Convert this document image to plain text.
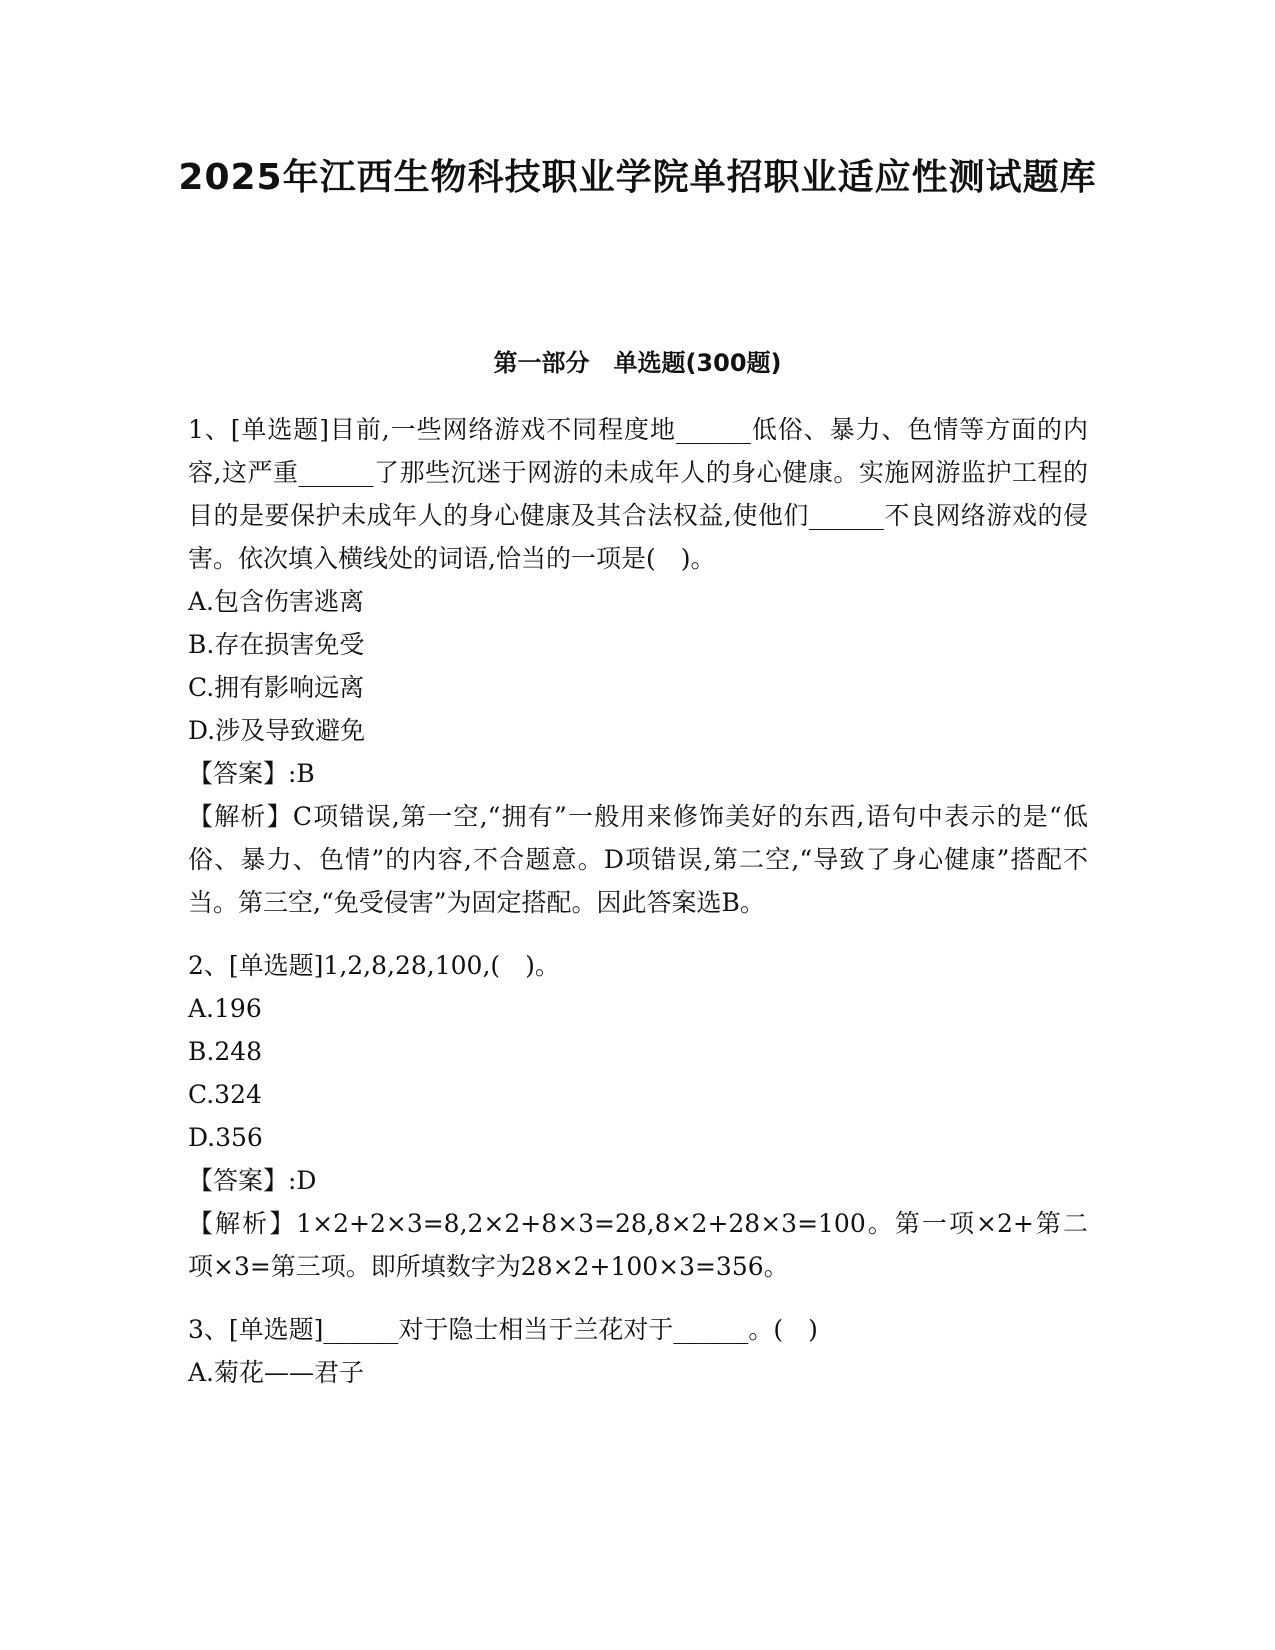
2025年江西生物科技职业学院单招职业适应性测试题库
第一部分　单选题(300题)

1、[单选题]目前,一些网络游戏不同程度地______低俗、暴力、色情等方面的内容,这严重______了那些沉迷于网游的未成年人的身心健康。实施网游监护工程的目的是要保护未成年人的身心健康及其合法权益,使他们______不良网络游戏的侵害。依次填入横线处的词语,恰当的一项是(　)。

A.包含伤害逃离

B.存在损害免受

C.拥有影响远离

D.涉及导致避免

【答案】:B

【解析】C项错误,第一空,“拥有”一般用来修饰美好的东西,语句中表示的是“低俗、暴力、色情”的内容,不合题意。D项错误,第二空,“导致了身心健康”搭配不当。第三空,“免受侵害”为固定搭配。因此答案选B。

2、[单选题]1,2,8,28,100,(　)。

A.196

B.248

C.324

D.356

【答案】:D

【解析】1×2+2×3=8,2×2+8×3=28,8×2+28×3=100。第一项×2+第二项×3=第三项。即所填数字为28×2+100×3=356。

3、[单选题]______对于隐士相当于兰花对于______。(　)

A.菊花——君子
